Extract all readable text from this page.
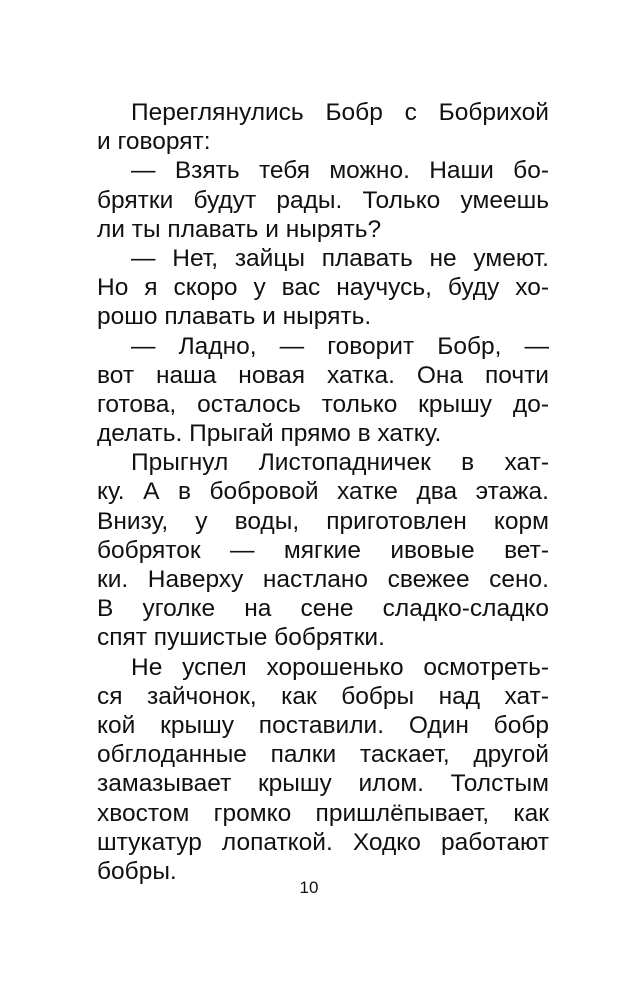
Переглянулись Бобр с Бобрихой
и говорят:
— Взять тебя можно. Наши бо-
брятки будут рады. Только умеешь
ли ты плавать и нырять?
— Нет, зайцы плавать не умеют.
Но я скоро у вас научусь, буду хо-
рошо плавать и нырять.
— Ладно, — говорит Бобр, —
вот наша новая хатка. Она почти
готова, осталось только крышу до-
делать. Прыгай прямо в хатку.
Прыгнул Листопадничек в хат-
ку. А в бобровой хатке два этажа.
Внизу, у воды, приготовлен корм
бобряток — мягкие ивовые вет-
ки. Наверху настлано свежее сено.
В уголке на сене сладко-сладко
спят пушистые бобрятки.
Не успел хорошенько осмотреть-
ся зайчонок, как бобры над хат-
кой крышу поставили. Один бобр
обглоданные палки таскает, другой
замазывает крышу илом. Толстым
хвостом громко пришлёпывает, как
штукатур лопаткой. Ходко работают
бобры.
10
